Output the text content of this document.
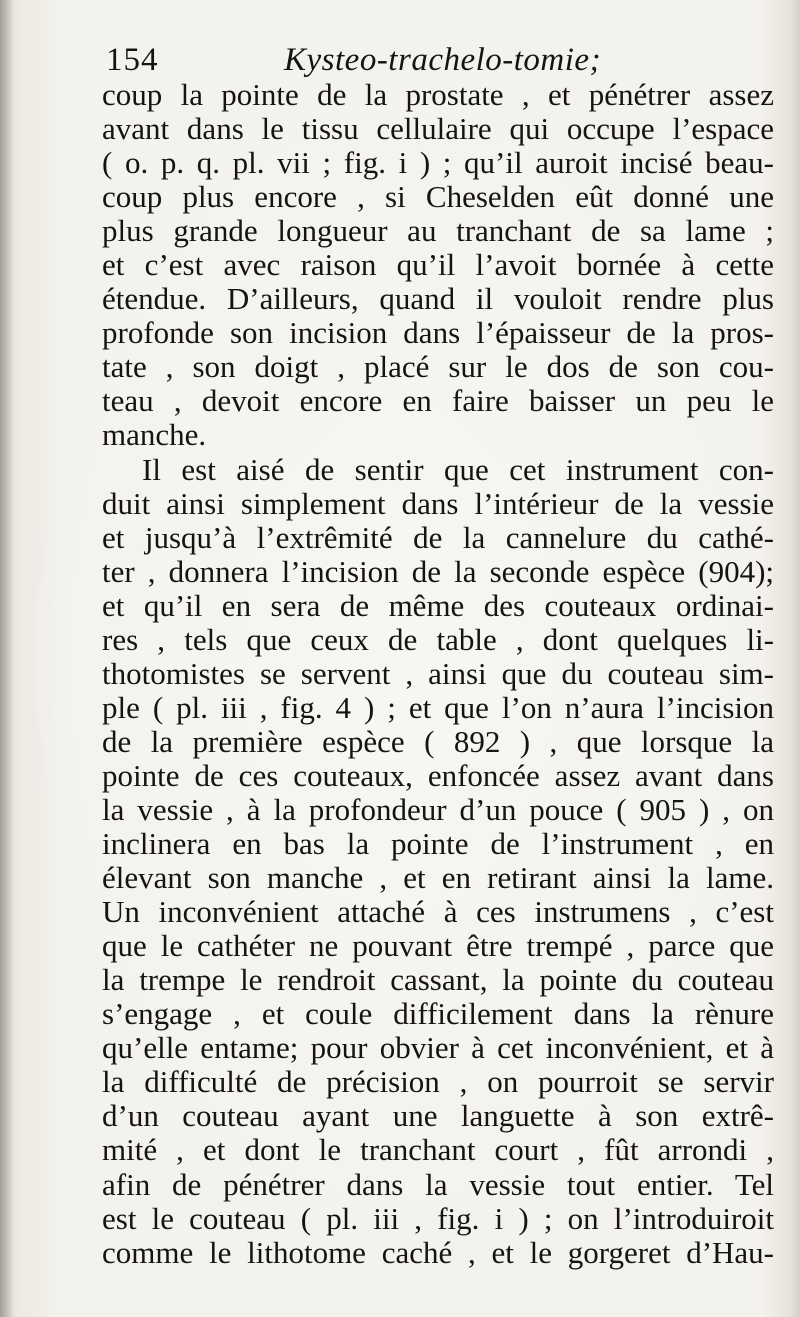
154	Kysteo-trachelo-tomie;
coup la pointe de la prostate , et pénétrer assez
avant dans le tissu cellulaire qui occupe l’espace
( o. p. q. pl. vii ; fig. i ) ; qu’il auroit incisé beau-
coup plus encore , si Cheselden eût donné une
plus grande longueur au tranchant de sa lame ;
et c’est avec raison qu’il l’avoit bornée à cette
étendue. D’ailleurs, quand il vouloit rendre plus
profonde son incision dans l’épaisseur de la pros-
tate , son doigt , placé sur le dos de son cou-
teau , devoit encore en faire baisser un peu le
manche.
Il est aisé de sentir que cet instrument con-
duit ainsi simplement dans l’intérieur de la vessie
et jusqu’à l’extrêmité de la cannelure du cathé-
ter , donnera l’incision de la seconde espèce (904);
et qu’il en sera de même des couteaux ordinai-
res , tels que ceux de table , dont quelques li-
thotomistes se servent , ainsi que du couteau sim-
ple ( pl. iii , fig. 4 ) ; et que l’on n’aura l’incision
de la première espèce ( 892 ) , que lorsque la
pointe de ces couteaux, enfoncée assez avant dans
la vessie , à la profondeur d’un pouce ( 905 ) , on
inclinera en bas la pointe de l’instrument , en
élevant son manche , et en retirant ainsi la lame.
Un inconvénient attaché à ces instrumens , c’est
que le cathéter ne pouvant être trempé , parce que
la trempe le rendroit cassant, la pointe du couteau
s’engage , et coule difficilement dans la rènure
qu’elle entame; pour obvier à cet inconvénient, et à
la difficulté de précision , on pourroit se servir
d’un couteau ayant une languette à son extrê-
mité , et dont le tranchant court , fût arrondi ,
afin de pénétrer dans la vessie tout entier. Tel
est le couteau ( pl. iii , fig. i ) ; on l’introduiroit
comme le lithotome caché , et le gorgeret d’Hau-
